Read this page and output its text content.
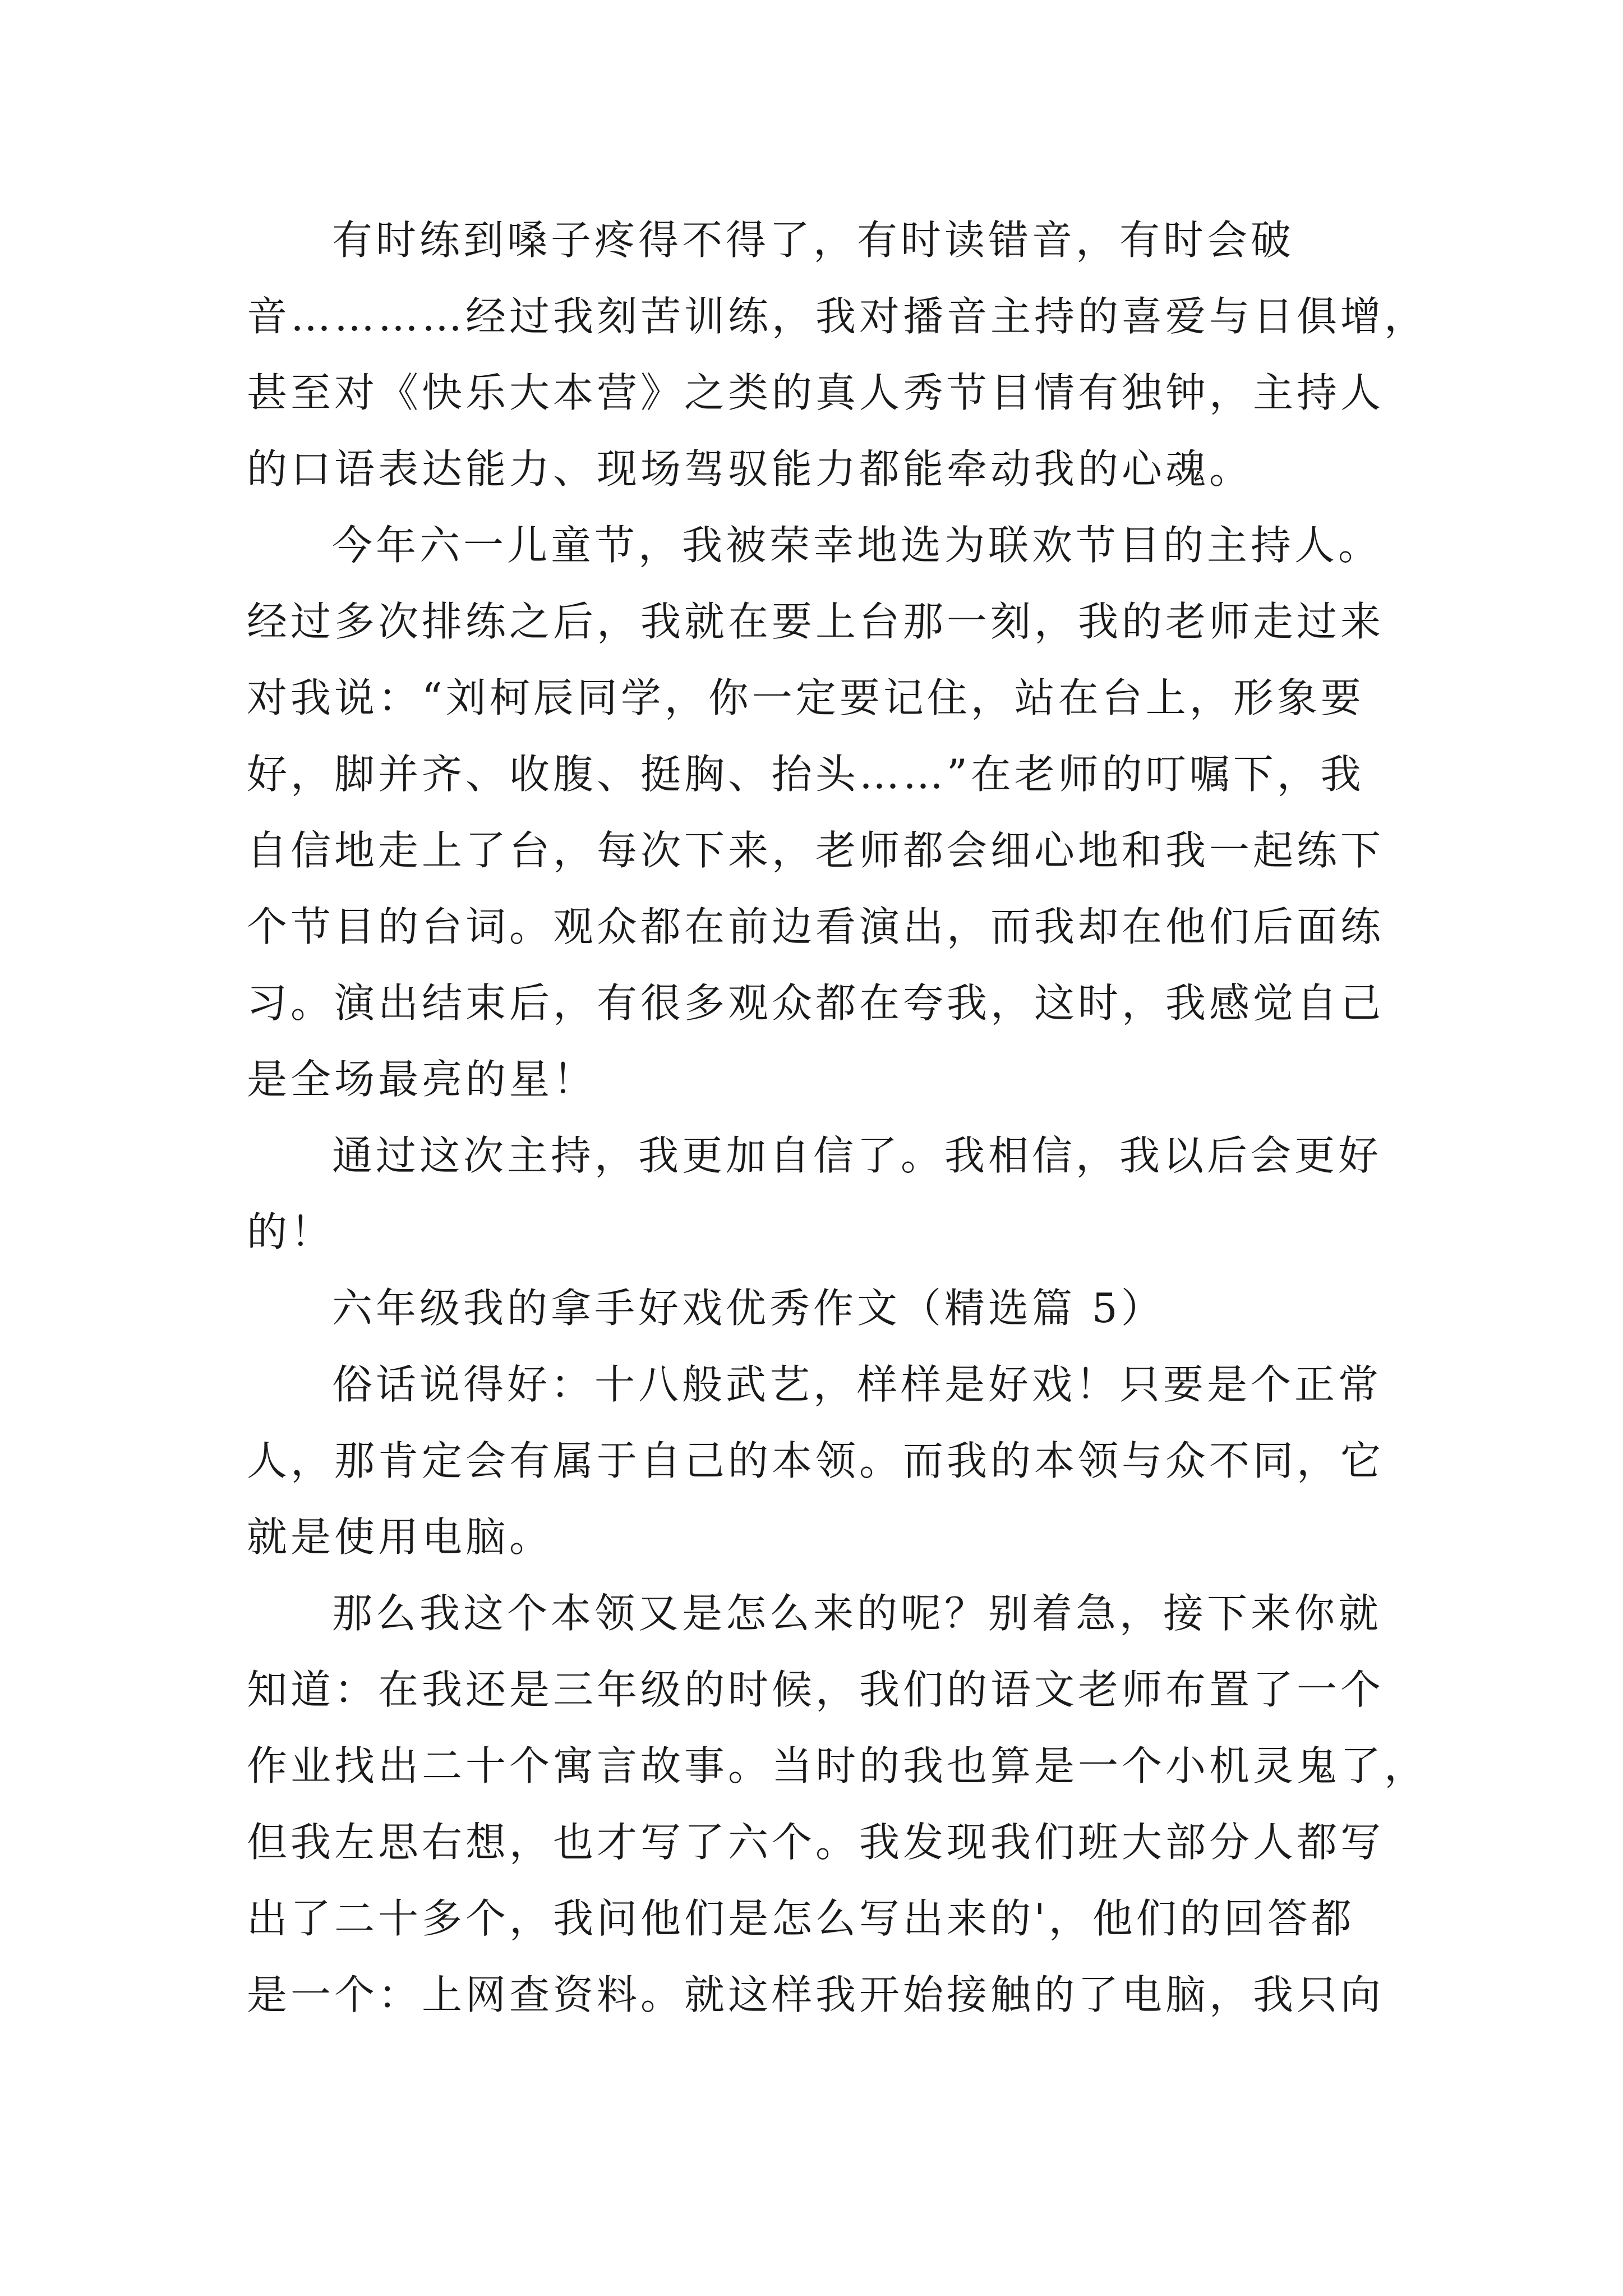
有时练到嗓子疼得不得了，有时读错音，有时会破
音…………经过我刻苦训练，我对播音主持的喜爱与日俱增，
甚至对《快乐大本营》之类的真人秀节目情有独钟，主持人
的口语表达能力、现场驾驭能力都能牵动我的心魂。
今年六一儿童节，我被荣幸地选为联欢节目的主持人。
经过多次排练之后，我就在要上台那一刻，我的老师走过来
对我说：“刘柯辰同学，你一定要记住，站在台上，形象要
好，脚并齐、收腹、挺胸、抬头……”在老师的叮嘱下，我
自信地走上了台，每次下来，老师都会细心地和我一起练下
个节目的台词。观众都在前边看演出，而我却在他们后面练
习。演出结束后，有很多观众都在夸我，这时，我感觉自己
是全场最亮的星！
通过这次主持，我更加自信了。我相信，我以后会更好
的！
六年级我的拿手好戏优秀作文（精选篇 5）
俗话说得好：十八般武艺，样样是好戏！只要是个正常
人，那肯定会有属于自己的本领。而我的本领与众不同，它
就是使用电脑。
那么我这个本领又是怎么来的呢？别着急，接下来你就
知道：在我还是三年级的时候，我们的语文老师布置了一个
作业找出二十个寓言故事。当时的我也算是一个小机灵鬼了，
但我左思右想，也才写了六个。我发现我们班大部分人都写
出了二十多个，我问他们是怎么写出来的'，他们的回答都
是一个：上网查资料。就这样我开始接触的了电脑，我只向
